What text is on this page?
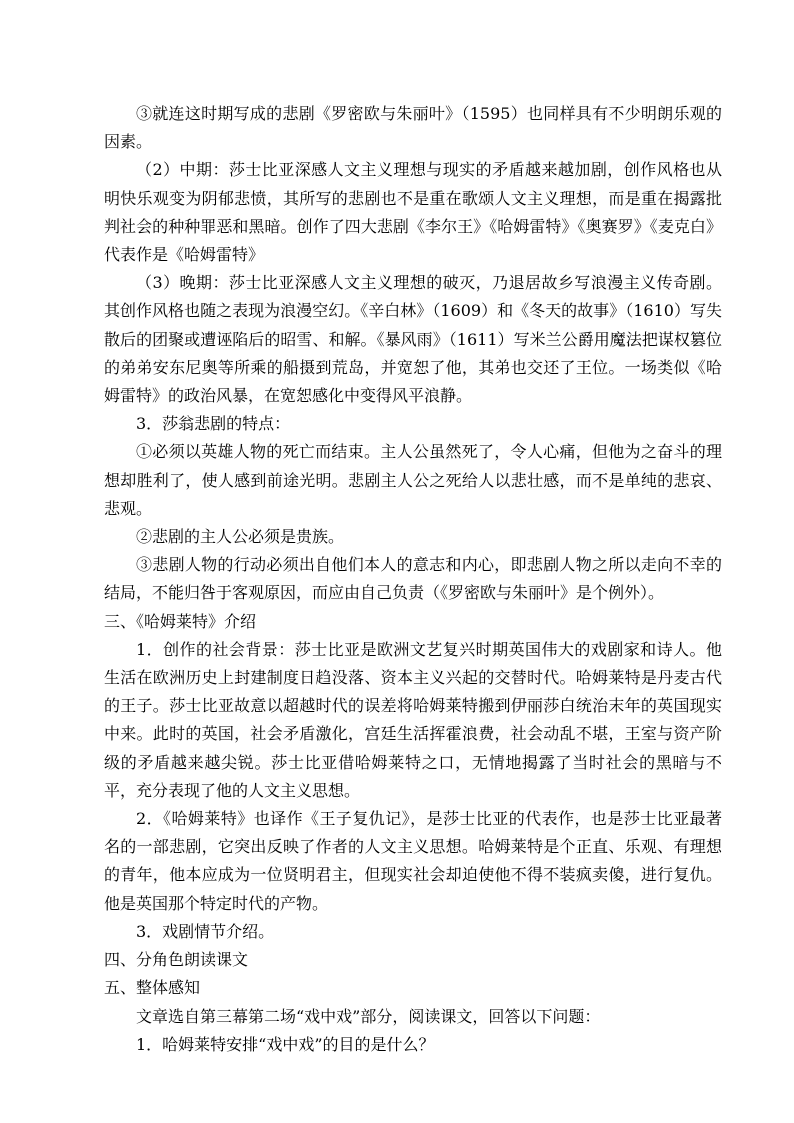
③就连这时期写成的悲剧《罗密欧与朱丽叶》（1595）也同样具有不少明朗乐观的因素。

（2）中期：莎士比亚深感人文主义理想与现实的矛盾越来越加剧，创作风格也从明快乐观变为阴郁悲愤，其所写的悲剧也不是重在歌颂人文主义理想，而是重在揭露批判社会的种种罪恶和黑暗。创作了四大悲剧《李尔王》《哈姆雷特》《奥赛罗》《麦克白》代表作是《哈姆雷特》

（3）晚期：莎士比亚深感人文主义理想的破灭，乃退居故乡写浪漫主义传奇剧。其创作风格也随之表现为浪漫空幻。《辛白林》（1609）和《冬天的故事》（1610）写失散后的团聚或遭诬陷后的昭雪、和解。《暴风雨》（1611）写米兰公爵用魔法把谋权篡位的弟弟安东尼奥等所乘的船摄到荒岛，并宽恕了他，其弟也交还了王位。一场类似《哈姆雷特》的政治风暴，在宽恕感化中变得风平浪静。

3．莎翁悲剧的特点：

①必须以英雄人物的死亡而结束。主人公虽然死了，令人心痛，但他为之奋斗的理想却胜利了，使人感到前途光明。悲剧主人公之死给人以悲壮感，而不是单纯的悲哀、悲观。

②悲剧的主人公必须是贵族。

③悲剧人物的行动必须出自他们本人的意志和内心，即悲剧人物之所以走向不幸的结局，不能归咎于客观原因，而应由自己负责（《罗密欧与朱丽叶》是个例外）。

三、《哈姆莱特》介绍

1．创作的社会背景：莎士比亚是欧洲文艺复兴时期英国伟大的戏剧家和诗人。他生活在欧洲历史上封建制度日趋没落、资本主义兴起的交替时代。哈姆莱特是丹麦古代的王子。莎士比亚故意以超越时代的误差将哈姆莱特搬到伊丽莎白统治末年的英国现实中来。此时的英国，社会矛盾激化，宫廷生活挥霍浪费，社会动乱不堪，王室与资产阶级的矛盾越来越尖锐。莎士比亚借哈姆莱特之口，无情地揭露了当时社会的黑暗与不平，充分表现了他的人文主义思想。

2．《哈姆莱特》也译作《王子复仇记》，是莎士比亚的代表作，也是莎士比亚最著名的一部悲剧，它突出反映了作者的人文主义思想。哈姆莱特是个正直、乐观、有理想的青年，他本应成为一位贤明君主，但现实社会却迫使他不得不装疯卖傻，进行复仇。他是英国那个特定时代的产物。

3．戏剧情节介绍。

四、分角色朗读课文

五、整体感知

文章选自第三幕第二场“戏中戏”部分，阅读课文，回答以下问题：

1．哈姆莱特安排“戏中戏”的目的是什么？
